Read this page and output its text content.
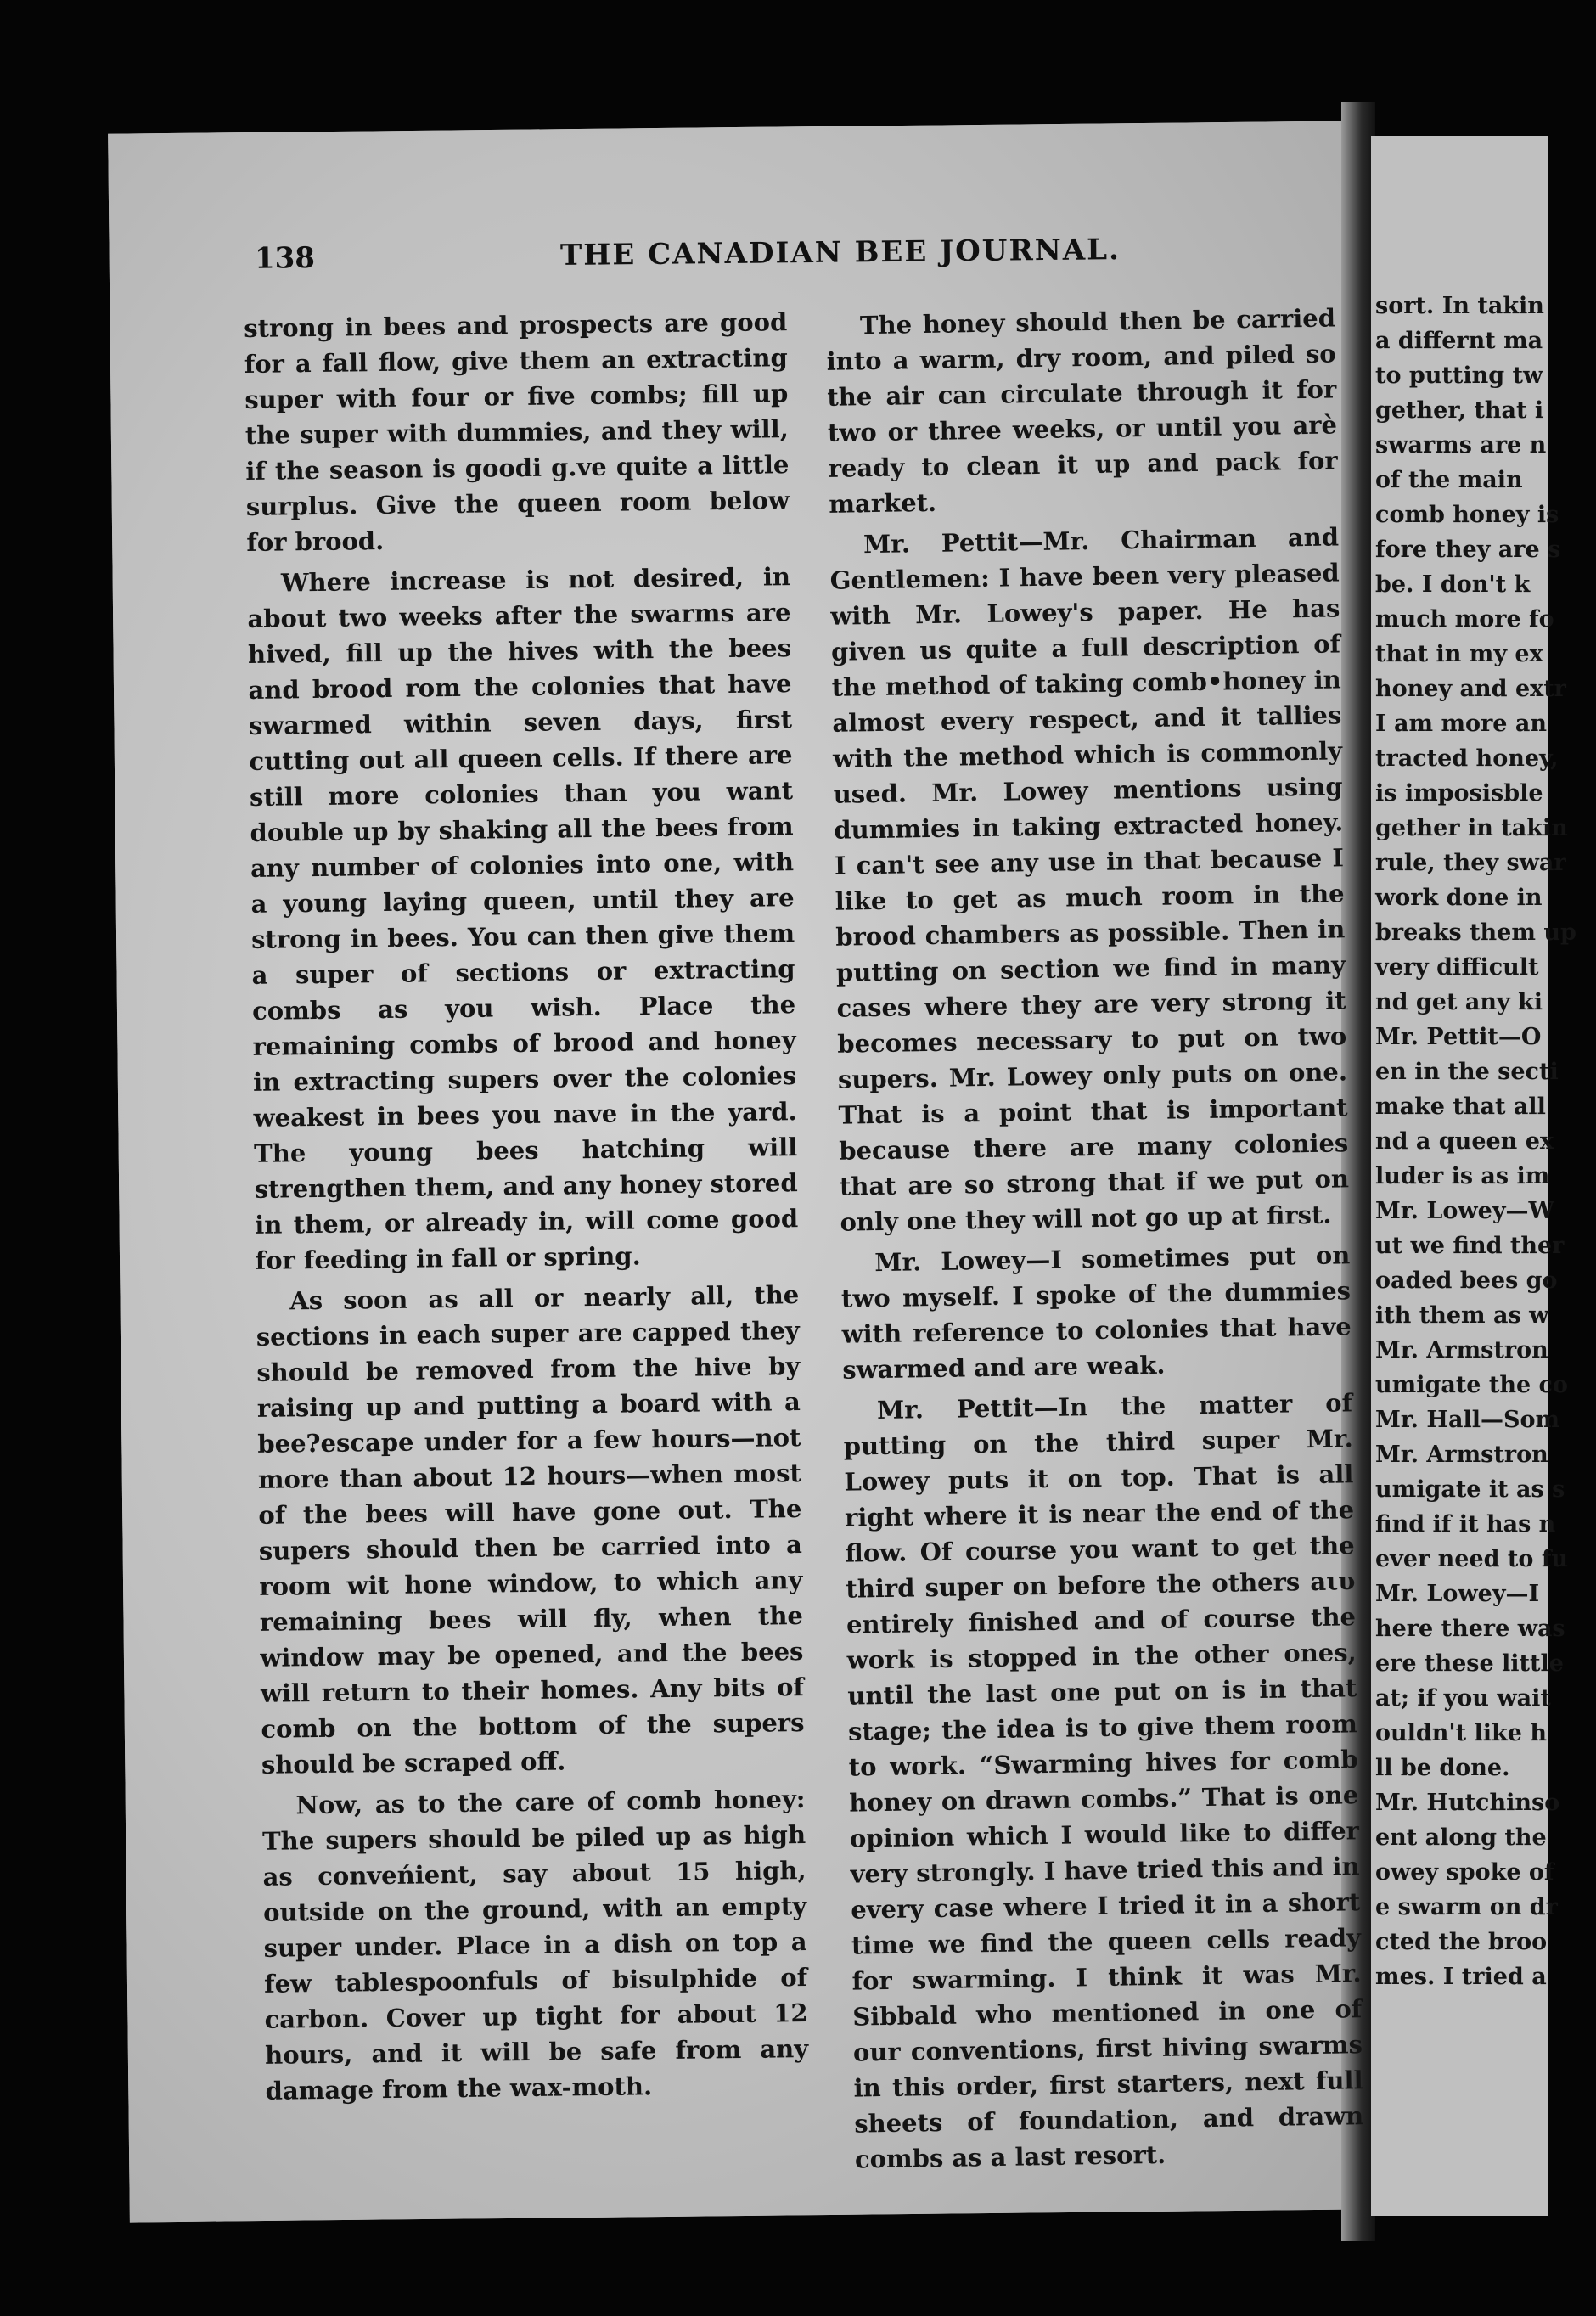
138	THE CANADIAN BEE JOURNAL.

strong in bees and prospects are good for a fall flow, give them an extracting super with four or five combs; fill up the super with dummies, and they will, if the season is goodi g.ve quite a little surplus. Give the queen room below for brood.

Where increase is not desired, in about two weeks after the swarms are hived, fill up the hives with the bees and brood rom the colonies that have swarmed within seven days, first cutting out all queen cells. If there are still more colonies than you want double up by shaking all the bees from any number of colonies into one, with a young laying queen, until they are strong in bees. You can then give them a super of sections or extracting combs as you wish. Place the remaining combs of brood and honey in extracting supers over the colonies weakest in bees you nave in the yard. The young bees hatching will strengthen them, and any honey stored in them, or already in, will come good for feeding in fall or spring.

As soon as all or nearly all, the sections in each super are capped they should be removed from the hive by raising up and putting a board with a bee?escape under for a few hours—not more than about 12 hours—when most of the bees will have gone out. The supers should then be carried into a room wit hone window, to which any remaining bees will fly, when the window may be opened, and the bees will return to their homes. Any bits of comb on the bottom of the supers should be scraped off.

Now, as to the care of comb honey: The supers should be piled up as high as conveńient, say about 15 high, outside on the ground, with an empty super under. Place in a dish on top a few tablespoonfuls of bisulphide of carbon. Cover up tight for about 12 hours, and it will be safe from any damage from the wax-moth.

The honey should then be carried into a warm, dry room, and piled so the air can circulate through it for two or three weeks, or until you arè ready to clean it up and pack for market.

Mr. Pettit—Mr. Chairman and Gentlemen: I have been very pleased with Mr. Lowey's paper. He has given us quite a full description of the method of taking comb•honey in almost every respect, and it tallies with the method which is commonly used. Mr. Lowey mentions using dummies in taking extracted honey. I can't see any use in that because I like to get as much room in the brood chambers as possible. Then in putting on section we find in many cases where they are very strong it becomes necessary to put on two supers. Mr. Lowey only puts on one. That is a point that is important because there are many colonies that are so strong that if we put on only one they will not go up at first.

Mr. Lowey—I sometimes put on two myself. I spoke of the dummies with reference to colonies that have swarmed and are weak.

Mr. Pettit—In the matter of putting on the third super Mr. Lowey puts it on top. That is all right where it is near the end of the flow. Of course you want to get the third super on before the others aιυ entirely finished and of course the work is stopped in the other ones, until the last one put on is in that stage; the idea is to give them room to work. “Swarming hives for comb honey on drawn combs.” That is one opinion which I would like to differ very strongly. I have tried this and in every case where I tried it in a short time we find the queen cells ready for swarming. I think it was Mr. Sibbald who mentioned in one of our conventions, first hiving swarms in this order, first starters, next full sheets of foundation, and drawn combs as a last resort.

sort. In takin
a differnt ma
to putting tw
gether, that i
swarms are n
of the main
comb honey is
fore they are s
be. I don't k
much more fo
that in my ex
honey and extr
I am more an
tracted honey,
is imposisble
gether in takin
rule, they swar
work done in
breaks them up
very difficult
nd get any ki
Mr. Pettit—O
en in the secti
make that all
nd a queen ex
luder is as im
Mr. Lowey—W
ut we find ther
oaded bees go
ith them as w
Mr. Armstron
umigate the co
Mr. Hall—Som
Mr. Armstron
umigate it as s
find if it has n
ever need to fu
Mr. Lowey—I
here there was
ere these little
at; if you wait
ouldn't like h
ll be done.
Mr. Hutchinso
ent along the
owey spoke of
e swarm on dr
cted the broo
mes. I tried a
